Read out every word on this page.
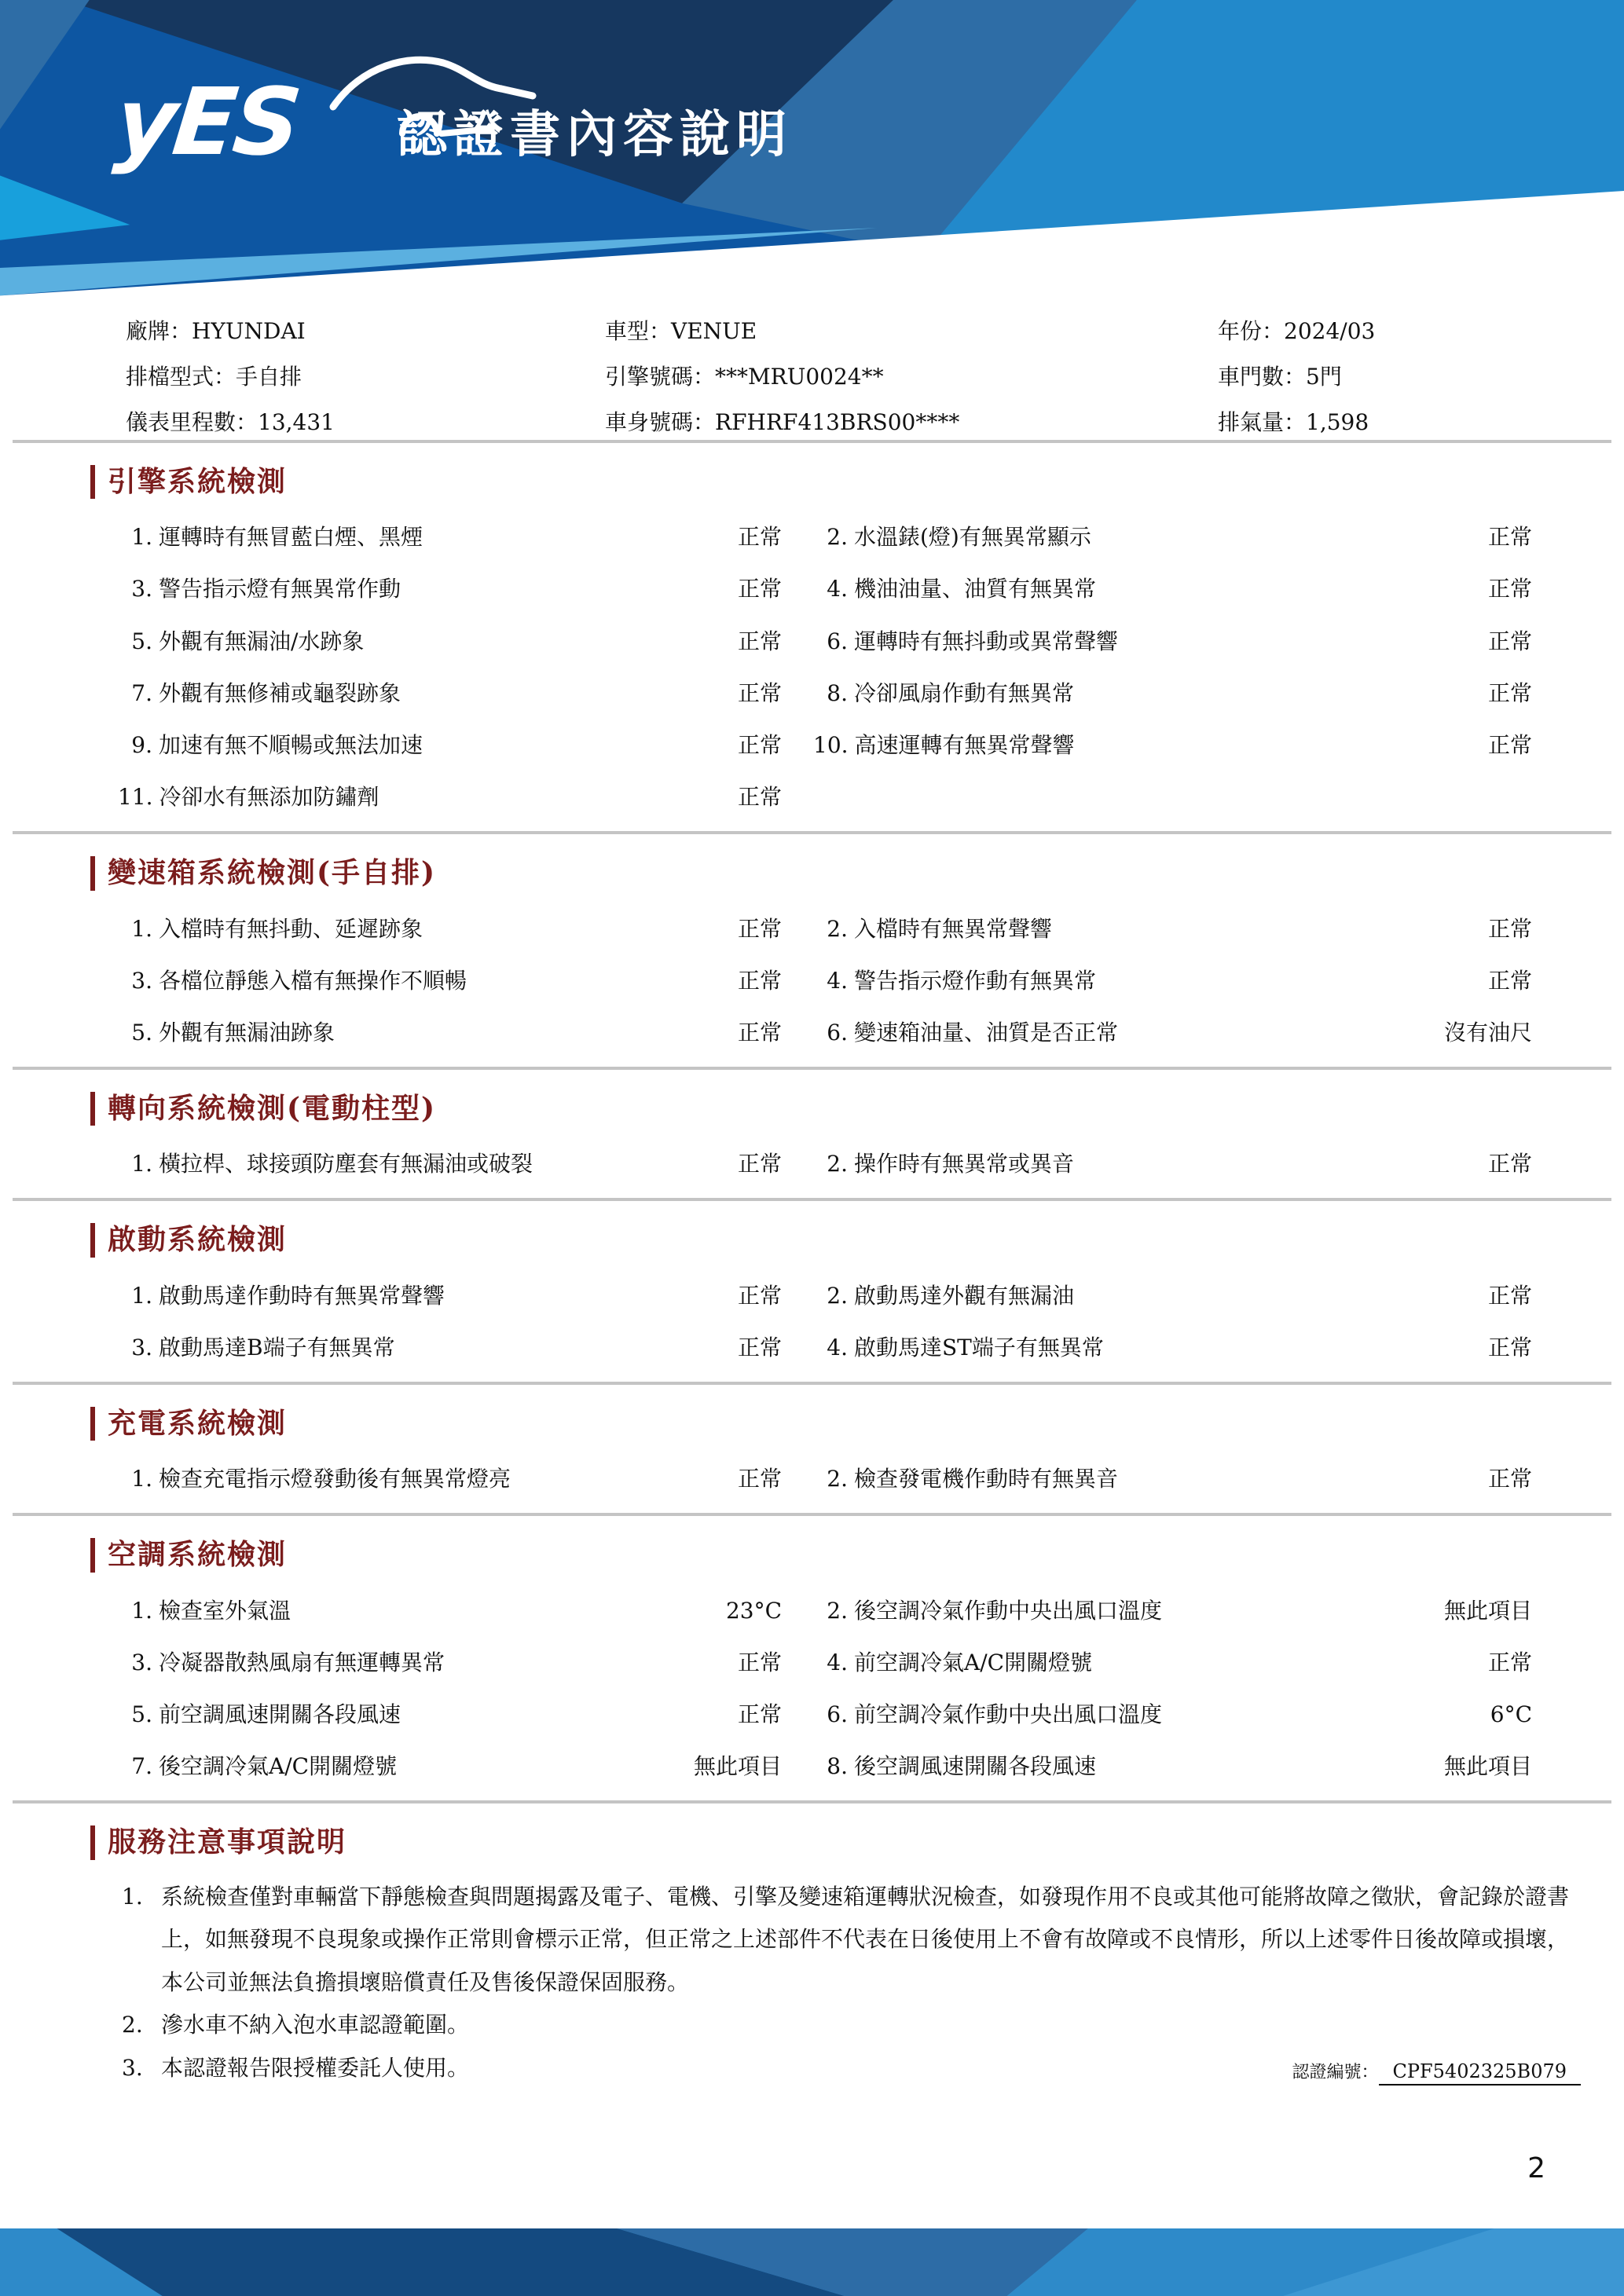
yES 認證書內容說明
廠牌：HYUNDAI	車型：VENUE	年份：2024/03
排檔型式：手自排	引擎號碼：***MRU0024**	車門數：5門
儀表里程數：13,431	車身號碼：RFHRF413BRS00****	排氣量：1,598
引擎系統檢測
1. 運轉時有無冒藍白煙、黑煙	正常	2. 水溫錶(燈)有無異常顯示	正常
3. 警告指示燈有無異常作動	正常	4. 機油油量、油質有無異常	正常
5. 外觀有無漏油/水跡象	正常	6. 運轉時有無抖動或異常聲響	正常
7. 外觀有無修補或龜裂跡象	正常	8. 冷卻風扇作動有無異常	正常
9. 加速有無不順暢或無法加速	正常 10. 高速運轉有無異常聲響	正常
11. 冷卻水有無添加防鏽劑	正常
變速箱系統檢測(手自排)
1. 入檔時有無抖動、延遲跡象	正常	2. 入檔時有無異常聲響	正常
3. 各檔位靜態入檔有無操作不順暢	正常	4. 警告指示燈作動有無異常	正常
5. 外觀有無漏油跡象	正常	6. 變速箱油量、油質是否正常	沒有油尺
轉向系統檢測(電動柱型)
1. 橫拉桿、球接頭防塵套有無漏油或破裂	正常	2. 操作時有無異常或異音	正常
啟動系統檢測
1. 啟動馬達作動時有無異常聲響	正常	2. 啟動馬達外觀有無漏油	正常
3. 啟動馬達B端子有無異常	正常	4. 啟動馬達ST端子有無異常	正常
充電系統檢測
1. 檢查充電指示燈發動後有無異常燈亮	正常	2. 檢查發電機作動時有無異音	正常
空調系統檢測
1. 檢查室外氣溫	23°C	2. 後空調冷氣作動中央出風口溫度	無此項目
3. 冷凝器散熱風扇有無運轉異常	正常	4. 前空調冷氣A/C開關燈號	正常
5. 前空調風速開關各段風速	正常	6. 前空調冷氣作動中央出風口溫度	6°C
7. 後空調冷氣A/C開關燈號	無此項目	8. 後空調風速開關各段風速	無此項目
服務注意事項說明
1. 系統檢查僅對車輛當下靜態檢查與問題揭露及電子、電機、引擎及變速箱運轉狀況檢查，如發現作用不良或其他可能將故障之徵狀，會記錄於證書上，如無發現不良現象或操作正常則會標示正常，但正常之上述部件不代表在日後使用上不會有故障或不良情形，所以上述零件日後故障或損壞，本公司並無法負擔損壞賠償責任及售後保證保固服務。
2. 滲水車不納入泡水車認證範圍。
3. 本認證報告限授權委託人使用。	認證編號： CPF5402325B079
2
